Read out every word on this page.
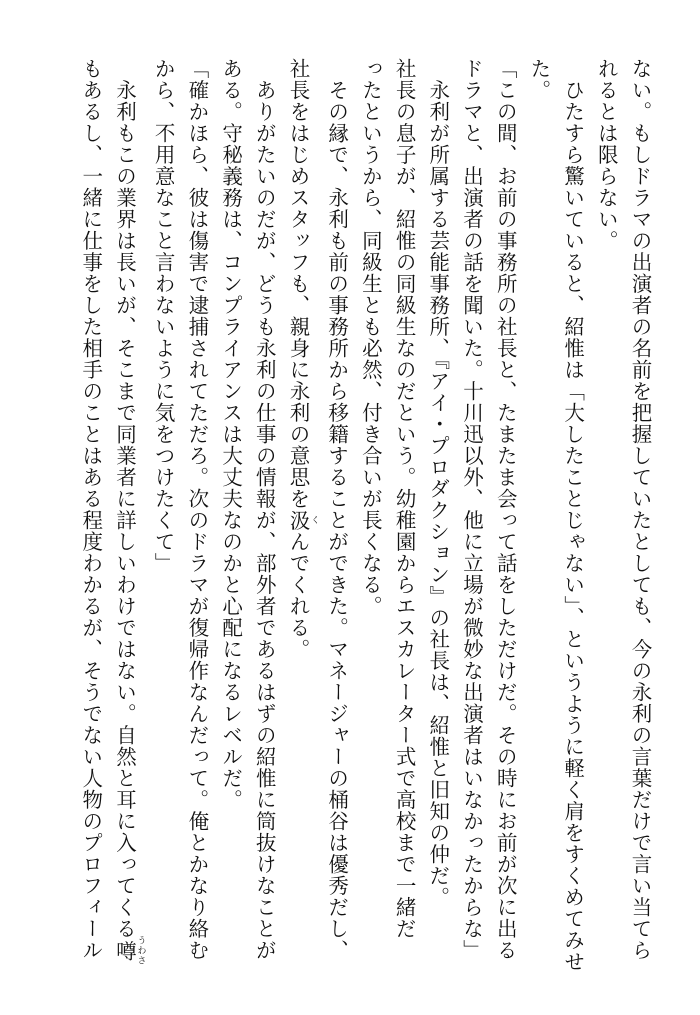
ない。もしドラマの出演者の名前を把握していたとしても、今の永利の言葉だけで言い当てら
れるとは限らない。
　ひたすら驚いていると、紹惟は「大したことじゃない」、というように軽く肩をすくめてみせ
た。
「この間、お前の事務所の社長と、たまたま会って話をしただけだ。その時にお前が次に出る
ドラマと、出演者の話を聞いた。十川迅以外、他に立場が微妙な出演者はいなかったからな」
　永利が所属する芸能事務所、『アイ・プロダクション』の社長は、紹惟と旧知の仲だ。
社長の息子が、紹惟の同級生なのだという。幼稚園からエスカレーター式で高校まで一緒だ
ったというから、同級生とも必然、付き合いが長くなる。
　その縁で、永利も前の事務所から移籍することができた。マネージャーの桶谷は優秀だし、
社長をはじめスタッフも、親身に永利の意思を汲 くんでくれる。
　ありがたいのだが、どうも永利の仕事の情報が、部外者であるはずの紹惟に筒抜けなことが
ある。守秘義務は、コンプライアンスは大丈夫なのかと心配になるレベルだ。
「確かほら、彼は傷害で逮捕されてただろ。次のドラマが復帰作なんだって。俺とかなり絡む
から、不用意なこと言わないように気をつけたくて」
　永利もこの業界は長いが、そこまで同業者に詳しいわけではない。自然と耳に入ってくる噂 うわさ
もあるし、一緒に仕事をした相手のことはある程度わかるが、そうでない人物のプロフィール
